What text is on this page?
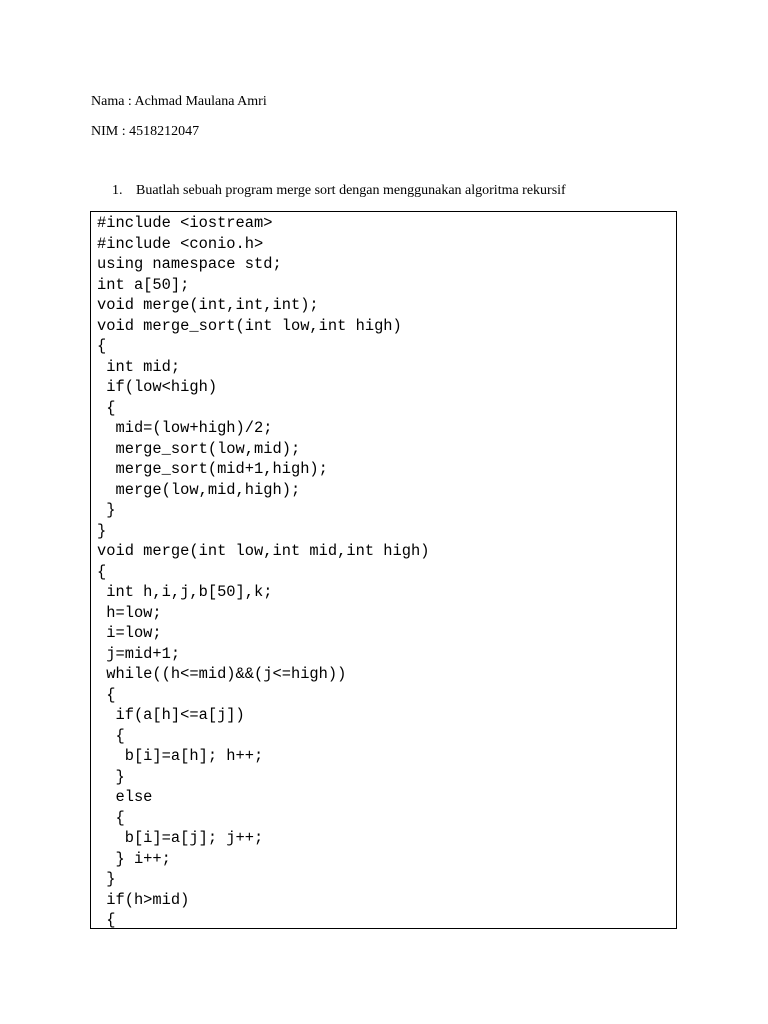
Nama : Achmad Maulana Amri
NIM : 4518212047
1. Buatlah sebuah program merge sort dengan menggunakan algoritma rekursif
#include <iostream>
#include <conio.h>
using namespace std;
int a[50];
void merge(int,int,int);
void merge_sort(int low,int high)
{
int mid;
if(low<high)
{
mid=(low+high)/2;
merge_sort(low,mid);
merge_sort(mid+1,high);
merge(low,mid,high);
}
}
void merge(int low,int mid,int high)
{
int h,i,j,b[50],k;
h=low;
i=low;
j=mid+1;
while((h<=mid)&&(j<=high))
{
if(a[h]<=a[j])
{
b[i]=a[h]; h++;
}
else
{
b[i]=a[j]; j++;
} i++;
}
if(h>mid)
{
